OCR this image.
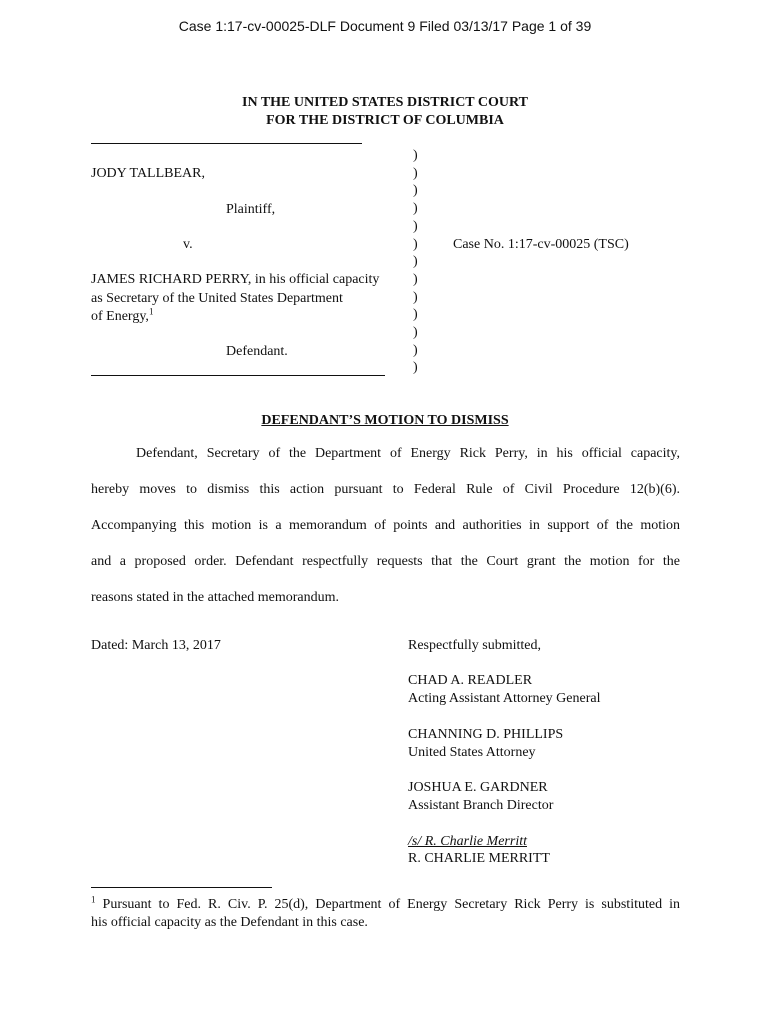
Case 1:17-cv-00025-DLF Document 9 Filed 03/13/17 Page 1 of 39
IN THE UNITED STATES DISTRICT COURT
FOR THE DISTRICT OF COLUMBIA
)
)
)
)
)
)
)
)
)
)
)
)
)
JODY TALLBEAR,
Plaintiff,
v.
JAMES RICHARD PERRY, in his official capacity
as Secretary of the United States Department
of Energy,$^1$
Defendant.
Case No. 1:17-cv-00025 (TSC)
DEFENDANT’S MOTION TO DISMISS
Defendant, Secretary of the Department of Energy Rick Perry, in his official capacity,
hereby moves to dismiss this action pursuant to Federal Rule of Civil Procedure 12(b)(6).
Accompanying this motion is a memorandum of points and authorities in support of the motion
and a proposed order. Defendant respectfully requests that the Court grant the motion for the
reasons stated in the attached memorandum.
Dated: March 13, 2017	Respectfully submitted,
CHAD A. READLER
Acting Assistant Attorney General
CHANNING D. PHILLIPS
United States Attorney
JOSHUA E. GARDNER
Assistant Branch Director
/s/ R. Charlie Merritt
R. CHARLIE MERRITT
$^1$ Pursuant to Fed. R. Civ. P. 25(d), Department of Energy Secretary Rick Perry is substituted in
his official capacity as the Defendant in this case.
